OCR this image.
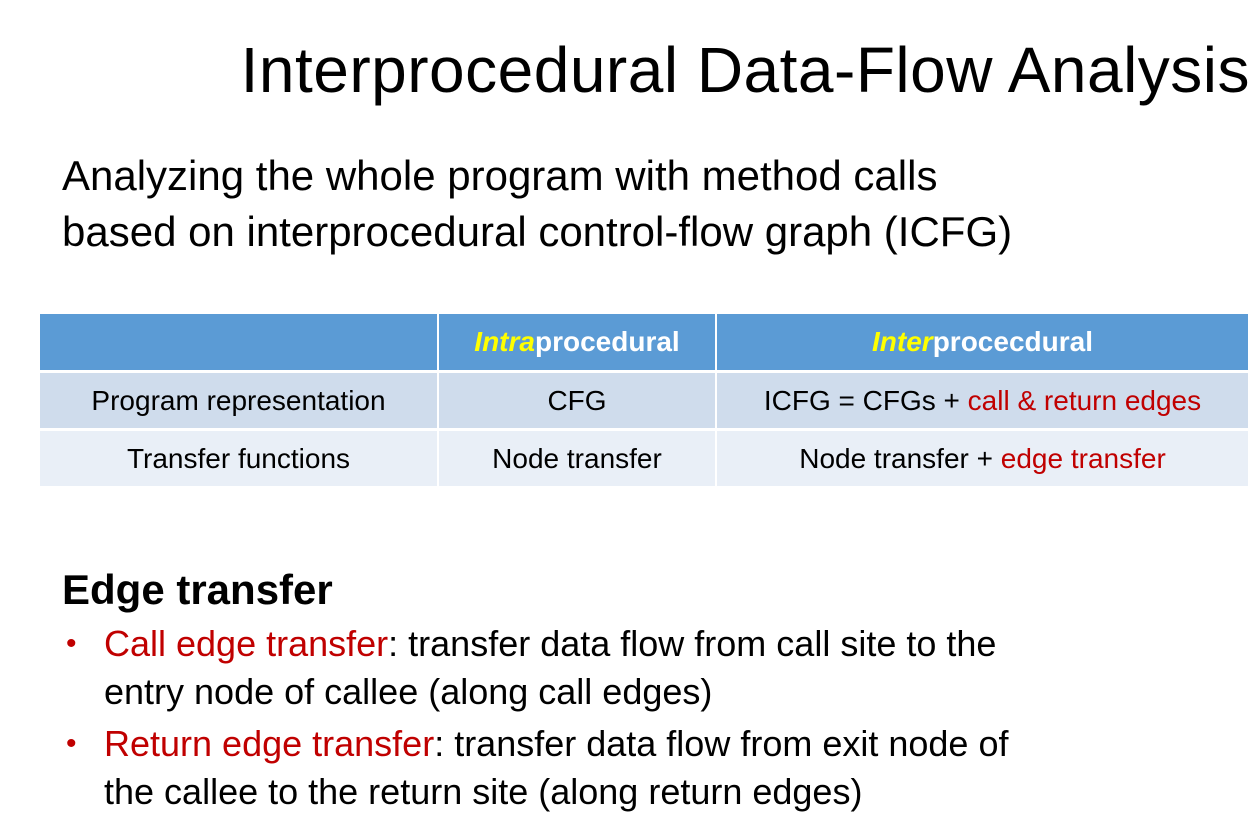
Interprocedural Data-Flow Analysis
Analyzing the whole program with method calls
based on interprocedural control-flow graph (ICFG)
	Intraprocedural	Interprocecdural
Program representation	CFG	ICFG = CFGs + call & return edges
Transfer functions	Node transfer	Node transfer + edge transfer
Edge transfer
• Call edge transfer: transfer data flow from call site to the
entry node of callee (along call edges)
• Return edge transfer: transfer data flow from exit node of
the callee to the return site (along return edges)
